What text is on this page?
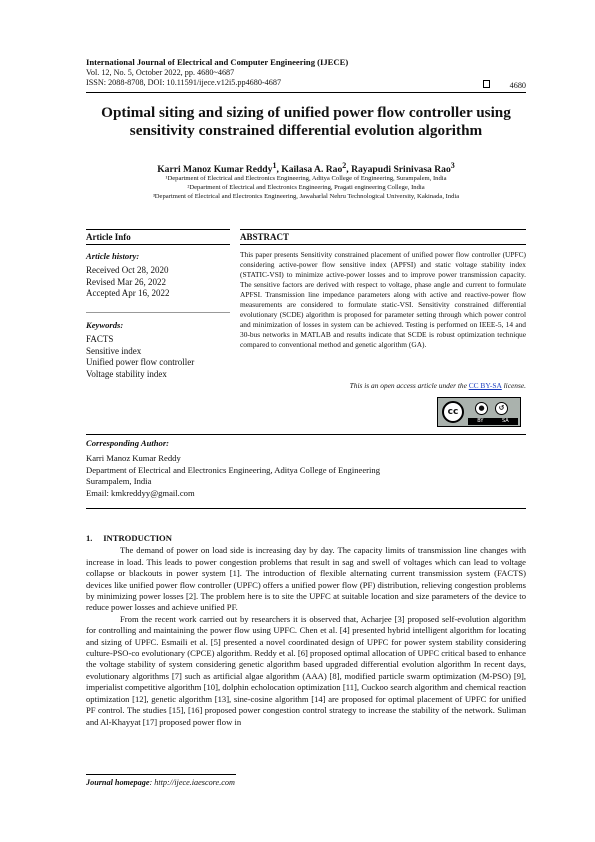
International Journal of Electrical and Computer Engineering (IJECE)
Vol. 12, No. 5, October 2022, pp. 4680~4687
ISSN: 2088-8708, DOI: 10.11591/ijece.v12i5.pp4680-4687	4680
Optimal siting and sizing of unified power flow controller using sensitivity constrained differential evolution algorithm
Karri Manoz Kumar Reddy$^1$, Kailasa A. Rao$^2$, Rayapudi Srinivasa Rao$^3$
¹Department of Electrical and Electronics Engineering, Aditya College of Engineering, Surampalem, India
²Department of Electrical and Electronics Engineering, Pragati engineering College, India
³Department of Electrical and Electronics Engineering, Jawaharlal Nehru Technological University, Kakinada, India
Article Info	ABSTRACT
Article history:
Received Oct 28, 2020
Revised Mar 26, 2022
Accepted Apr 16, 2022
Keywords:
FACTS
Sensitive index
Unified power flow controller
Voltage stability index
This paper presents Sensitivity constrained placement of unified power flow controller (UPFC) considering active-power flow sensitive index (APFSI) and static voltage stability index (STATIC-VSI) to minimize active-power losses and to improve power transmission capacity. The sensitive factors are derived with respect to voltage, phase angle and current to formulate APFSI. Transmission line impedance parameters along with active and reactive-power flow measurements are considered to formulate static-VSI. Sensitivity constrained differential evolutionary (SCDE) algorithm is proposed for parameter setting through which power control and minimization of losses in system can be achieved. Testing is performed on IEEE-5, 14 and 30-bus networks in MATLAB and results indicate that SCDE is robust optimization technique compared to conventional method and genetic algorithm (GA).
This is an open access article under the CC BY-SA license.
cc	●	↺
BY	SA
Corresponding Author:
Karri Manoz Kumar Reddy
Department of Electrical and Electronics Engineering, Aditya College of Engineering
Surampalem, India
Email: kmkreddyy@gmail.com
1.     INTRODUCTION

The demand of power on load side is increasing day by day. The capacity limits of transmission line changes with increase in load. This leads to power congestion problems that result in sag and swell of voltages which can lead to voltage collapse or blackouts in power system [1]. The introduction of flexible alternating current transmission system (FACTS) devices like unified power flow controller (UPFC) offers a unified power flow (PF) distribution, relieving congestion problems by minimizing power losses [2]. The problem here is to site the UPFC at suitable location and size parameters of the device to reduce power losses and achieve unified PF.

From the recent work carried out by researchers it is observed that, Acharjee [3] proposed self-evolution algorithm for controlling and maintaining the power flow using UPFC. Chen et al. [4] presented hybrid intelligent algorithm for locating and sizing of UPFC. Esmaili et al. [5] presented a novel coordinated design of UPFC for power system stability considering culture-PSO-co evolutionary (CPCE) algorithm. Reddy et al. [6] proposed optimal allocation of UPFC critical based to enhance the voltage stability of system considering genetic algorithm based upgraded differential evolution algorithm In recent days, evolutionary algorithms [7] such as artificial algae algorithm (AAA) [8], modified particle swarm optimization (M-PSO) [9], imperialist competitive algorithm [10], dolphin echolocation optimization [11], Cuckoo search algorithm and chemical reaction optimization [12], genetic algorithm [13], sine-cosine algorithm [14] are proposed for optimal placement of UPFC for unified PF control. The studies [15], [16] proposed power congestion control strategy to increase the stability of the network. Suliman and Al-Khayyat [17] proposed power flow in

Journal homepage: http://ijece.iaescore.com
